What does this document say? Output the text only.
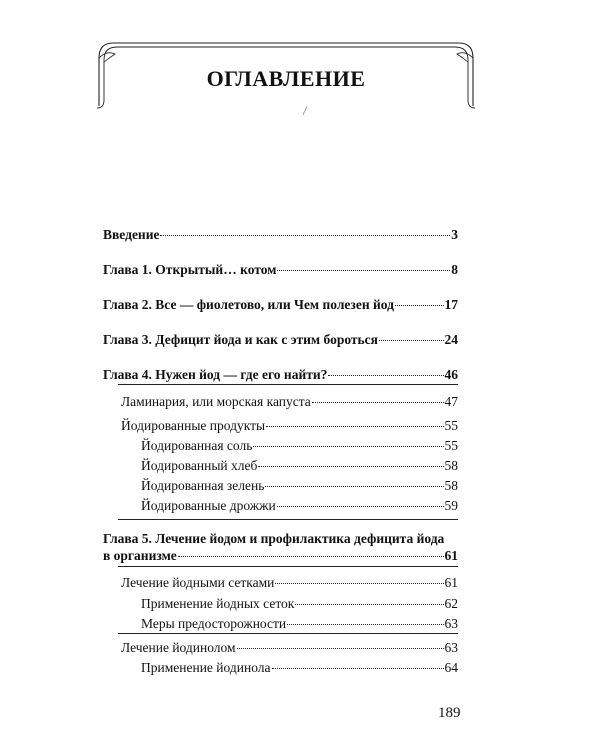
ОГЛАВЛЕНИЕ
Введение	3
Глава 1. Открытый… котом	8
Глава 2. Все — фиолетово, или Чем полезен йод	17
Глава 3. Дефицит йода и как с этим бороться	24
Глава 4. Нужен йод — где его найти?	46
Ламинария, или морская капуста	47
Йодированные продукты	55
Йодированная соль	55
Йодированный хлеб	58
Йодированная зелень	58
Йодированные дрожжи	59
Глава 5. Лечение йодом и профилактика дефицита йода
в организме	61
Лечение йодными сетками	61
Применение йодных сеток	62
Меры предосторожности	63
Лечение йодинолом	63
Применение йодинола	64
189
